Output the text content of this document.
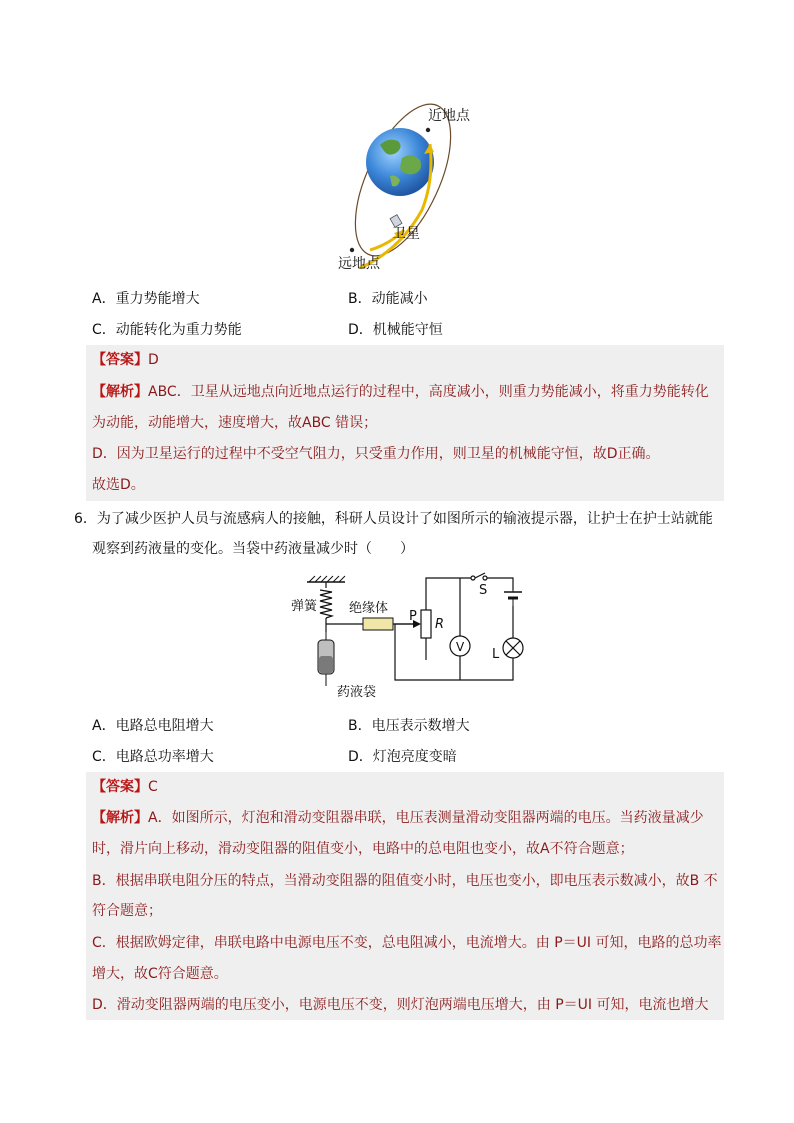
近地点
卫星
远地点
A．重力势能增大	B．动能减小
C．动能转化为重力势能	D．机械能守恒
【答案】D
【解析】ABC．卫星从远地点向近地点运行的过程中，高度减小，则重力势能减小，将重力势能转化
为动能，动能增大，速度增大，故ABC 错误；
D．因为卫星运行的过程中不受空气阻力，只受重力作用，则卫星的机械能守恒，故D正确。
故选D。
6．为了减少医护人员与流感病人的接触，科研人员设计了如图所示的输液提示器，让护士在护士站就能
观察到药液量的变化。当袋中药液量减少时（　　）
弹簧 绝缘体
药液袋
P
R
S
V L
A．电路总电阻增大	B．电压表示数增大
C．电路总功率增大	D．灯泡亮度变暗
【答案】C
【解析】A．如图所示，灯泡和滑动变阻器串联，电压表测量滑动变阻器两端的电压。当药液量减少
时，滑片向上移动，滑动变阻器的阻值变小，电路中的总电阻也变小，故A不符合题意；
B．根据串联电阻分压的特点，当滑动变阻器的阻值变小时，电压也变小，即电压表示数减小，故B 不
符合题意；
C．根据欧姆定律，串联电路中电源电压不变，总电阻减小，电流增大。由 P＝UI 可知，电路的总功率
增大，故C符合题意。
D．滑动变阻器两端的电压变小，电源电压不变，则灯泡两端电压增大，由 P＝UI 可知，电流也增大
